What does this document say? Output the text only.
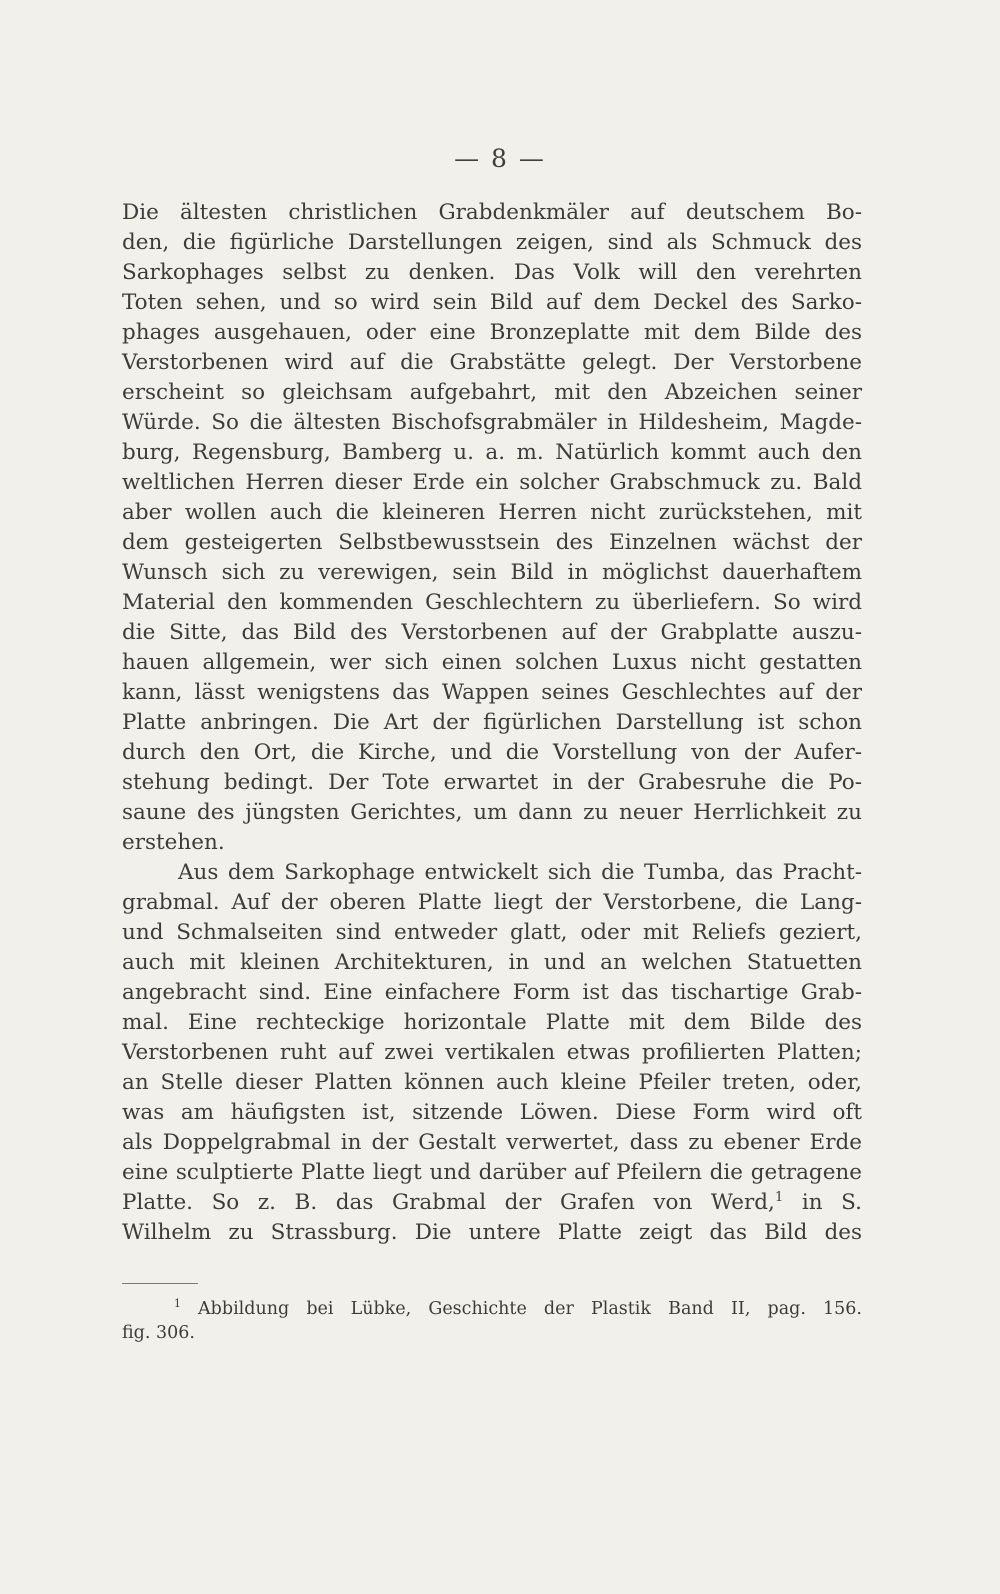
— 8 —
Die ältesten christlichen Grabdenkmäler auf deutschem Bo-
den, die figürliche Darstellungen zeigen, sind als Schmuck des
Sarkophages selbst zu denken. Das Volk will den verehrten
Toten sehen, und so wird sein Bild auf dem Deckel des Sarko-
phages ausgehauen, oder eine Bronzeplatte mit dem Bilde des
Verstorbenen wird auf die Grabstätte gelegt. Der Verstorbene
erscheint so gleichsam aufgebahrt, mit den Abzeichen seiner
Würde. So die ältesten Bischofsgrabmäler in Hildesheim, Magde-
burg, Regensburg, Bamberg u. a. m. Natürlich kommt auch den
weltlichen Herren dieser Erde ein solcher Grabschmuck zu. Bald
aber wollen auch die kleineren Herren nicht zurückstehen, mit
dem gesteigerten Selbstbewusstsein des Einzelnen wächst der
Wunsch sich zu verewigen, sein Bild in möglichst dauerhaftem
Material den kommenden Geschlechtern zu überliefern. So wird
die Sitte, das Bild des Verstorbenen auf der Grabplatte auszu-
hauen allgemein, wer sich einen solchen Luxus nicht gestatten
kann, lässt wenigstens das Wappen seines Geschlechtes auf der
Platte anbringen. Die Art der figürlichen Darstellung ist schon
durch den Ort, die Kirche, und die Vorstellung von der Aufer-
stehung bedingt. Der Tote erwartet in der Grabesruhe die Po-
saune des jüngsten Gerichtes, um dann zu neuer Herrlichkeit zu
erstehen.
Aus dem Sarkophage entwickelt sich die Tumba, das Pracht-
grabmal. Auf der oberen Platte liegt der Verstorbene, die Lang-
und Schmalseiten sind entweder glatt, oder mit Reliefs geziert,
auch mit kleinen Architekturen, in und an welchen Statuetten
angebracht sind. Eine einfachere Form ist das tischartige Grab-
mal. Eine rechteckige horizontale Platte mit dem Bilde des
Verstorbenen ruht auf zwei vertikalen etwas profilierten Platten;
an Stelle dieser Platten können auch kleine Pfeiler treten, oder,
was am häufigsten ist, sitzende Löwen. Diese Form wird oft
als Doppelgrabmal in der Gestalt verwertet, dass zu ebener Erde
eine sculptierte Platte liegt und darüber auf Pfeilern die getragene
Platte. So z. B. das Grabmal der Grafen von Werd,$^1$ in S.
Wilhelm zu Strassburg. Die untere Platte zeigt das Bild des
$^1$ Abbildung bei Lübke, Geschichte der Plastik Band II, pag. 156.
fig. 306.
